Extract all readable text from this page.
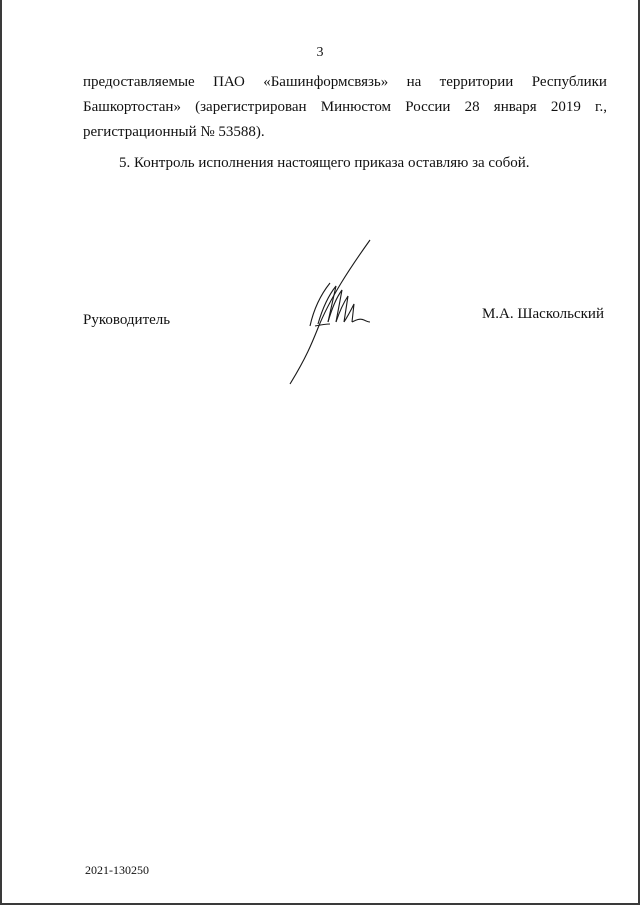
3
предоставляемые ПАО «Башинформсвязь» на территории Республики
Башкортостан» (зарегистрирован Минюстом России 28 января 2019 г.,
регистрационный № 53588).
5. Контроль исполнения настоящего приказа оставляю за собой.
Руководитель	М.А. Шаскольский
2021-130250
